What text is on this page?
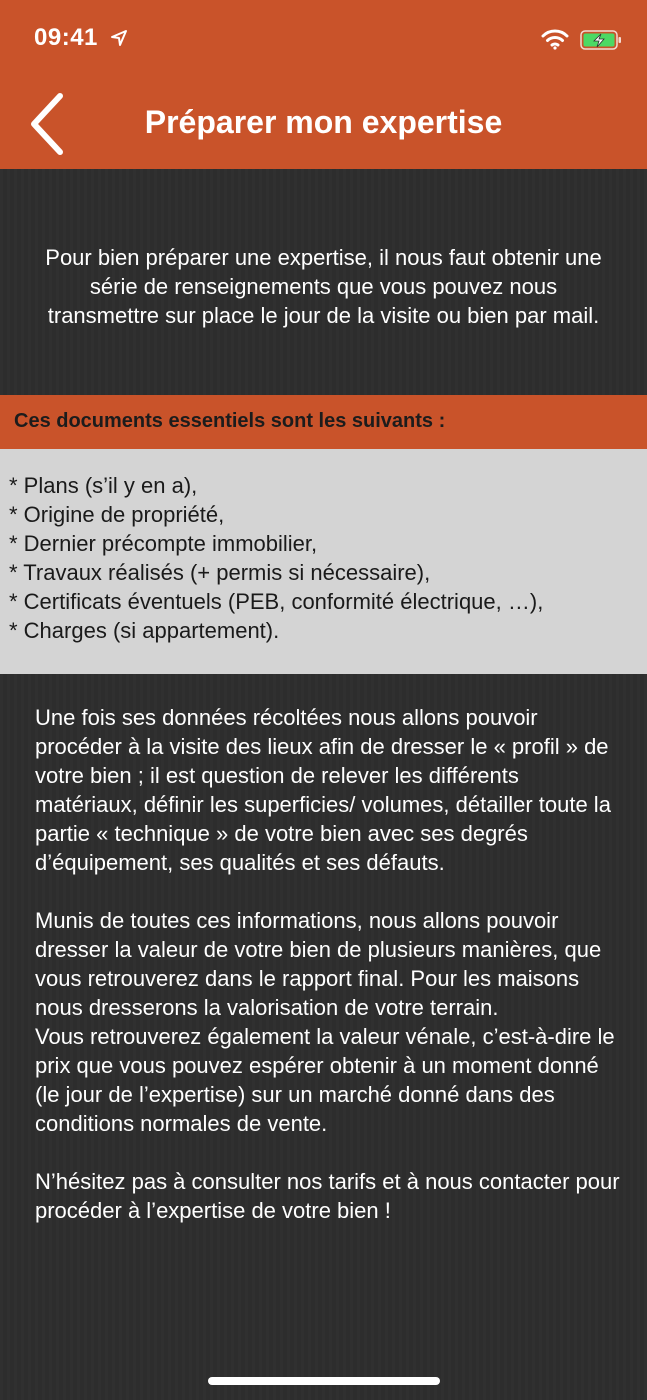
09:41
Préparer mon expertise
Pour bien préparer une expertise, il nous faut obtenir une série de renseignements que vous pouvez nous transmettre sur place le jour de la visite ou bien par mail.
Ces documents essentiels sont les suivants :
* Plans (s’il y en a),
* Origine de propriété,
* Dernier précompte immobilier,
* Travaux réalisés (+ permis si nécessaire),
* Certificats éventuels (PEB, conformité électrique, …),
* Charges (si appartement).

Une fois ses données récoltées nous allons pouvoir procéder à la visite des lieux afin de dresser le « profil » de votre bien ; il est question de relever les différents matériaux, définir les superficies/ volumes, détailler toute la partie « technique » de votre bien avec ses degrés d’équipement, ses qualités et ses défauts.

Munis de toutes ces informations, nous allons pouvoir dresser la valeur de votre bien de plusieurs manières, que vous retrouverez dans le rapport final. Pour les maisons nous dresserons la valorisation de votre terrain.

Vous retrouverez également la valeur vénale, c’est-à-dire le prix que vous pouvez espérer obtenir à un moment donné (le jour de l’expertise) sur un marché donné dans des conditions normales de vente.

N’hésitez pas à consulter nos tarifs et à nous contacter pour procéder à l’expertise de votre bien !
